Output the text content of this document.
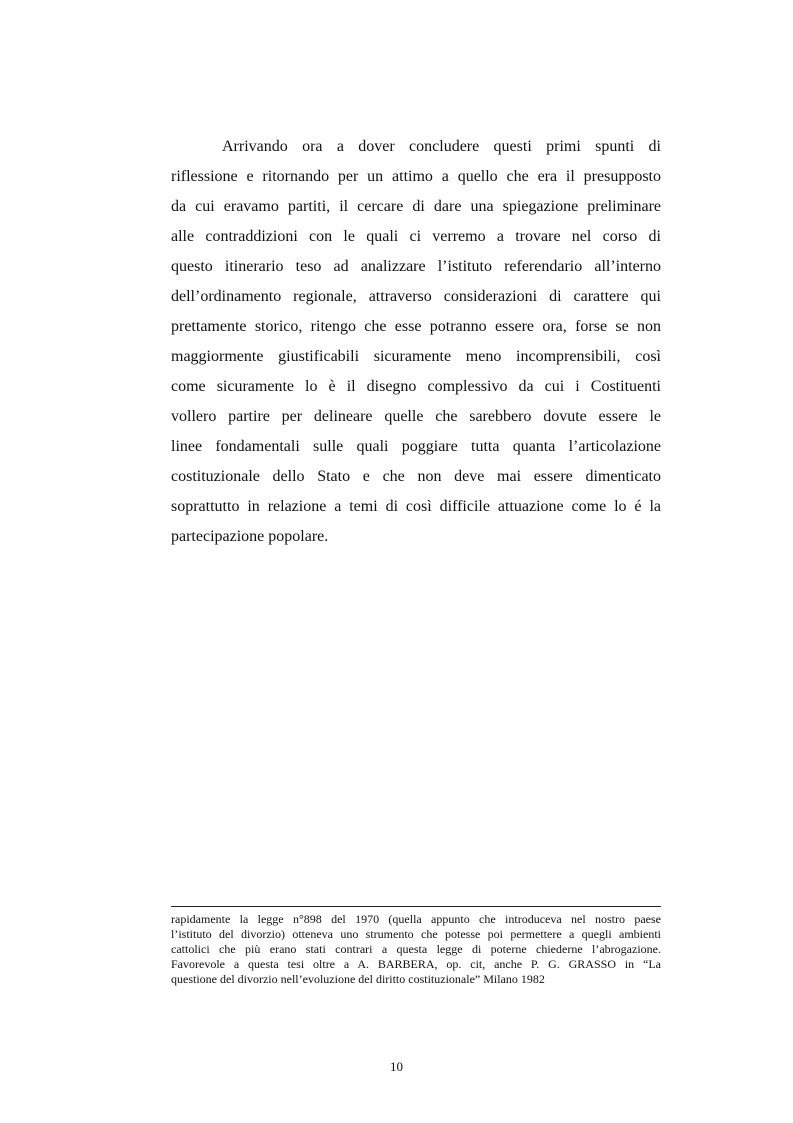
Arrivando ora a dover concludere questi primi spunti di
riflessione e ritornando per un attimo a quello che era il presupposto
da cui eravamo partiti, il cercare di dare una spiegazione preliminare
alle contraddizioni con le quali ci verremo a trovare nel corso di
questo itinerario teso ad analizzare l’istituto referendario all’interno
dell’ordinamento regionale, attraverso considerazioni di carattere qui
prettamente storico, ritengo che esse potranno essere ora, forse se non
maggiormente giustificabili sicuramente meno incomprensibili, così
come sicuramente lo è il disegno complessivo da cui i Costituenti
vollero partire per delineare quelle che sarebbero dovute essere le
linee fondamentali sulle quali poggiare tutta quanta l’articolazione
costituzionale dello Stato e che non deve mai essere dimenticato
soprattutto in relazione a temi di così difficile attuazione come lo é la
partecipazione popolare.
rapidamente la legge n°898 del 1970 (quella appunto che introduceva nel nostro paese
l’istituto del divorzio) otteneva uno strumento che potesse poi permettere a quegli ambienti
cattolici che più erano stati contrari a questa legge di poterne chiederne l’abrogazione.
Favorevole a questa tesi oltre a A. BARBERA, op. cit, anche P. G. GRASSO in “La
questione del divorzio nell’evoluzione del diritto costituzionale” Milano 1982
10
